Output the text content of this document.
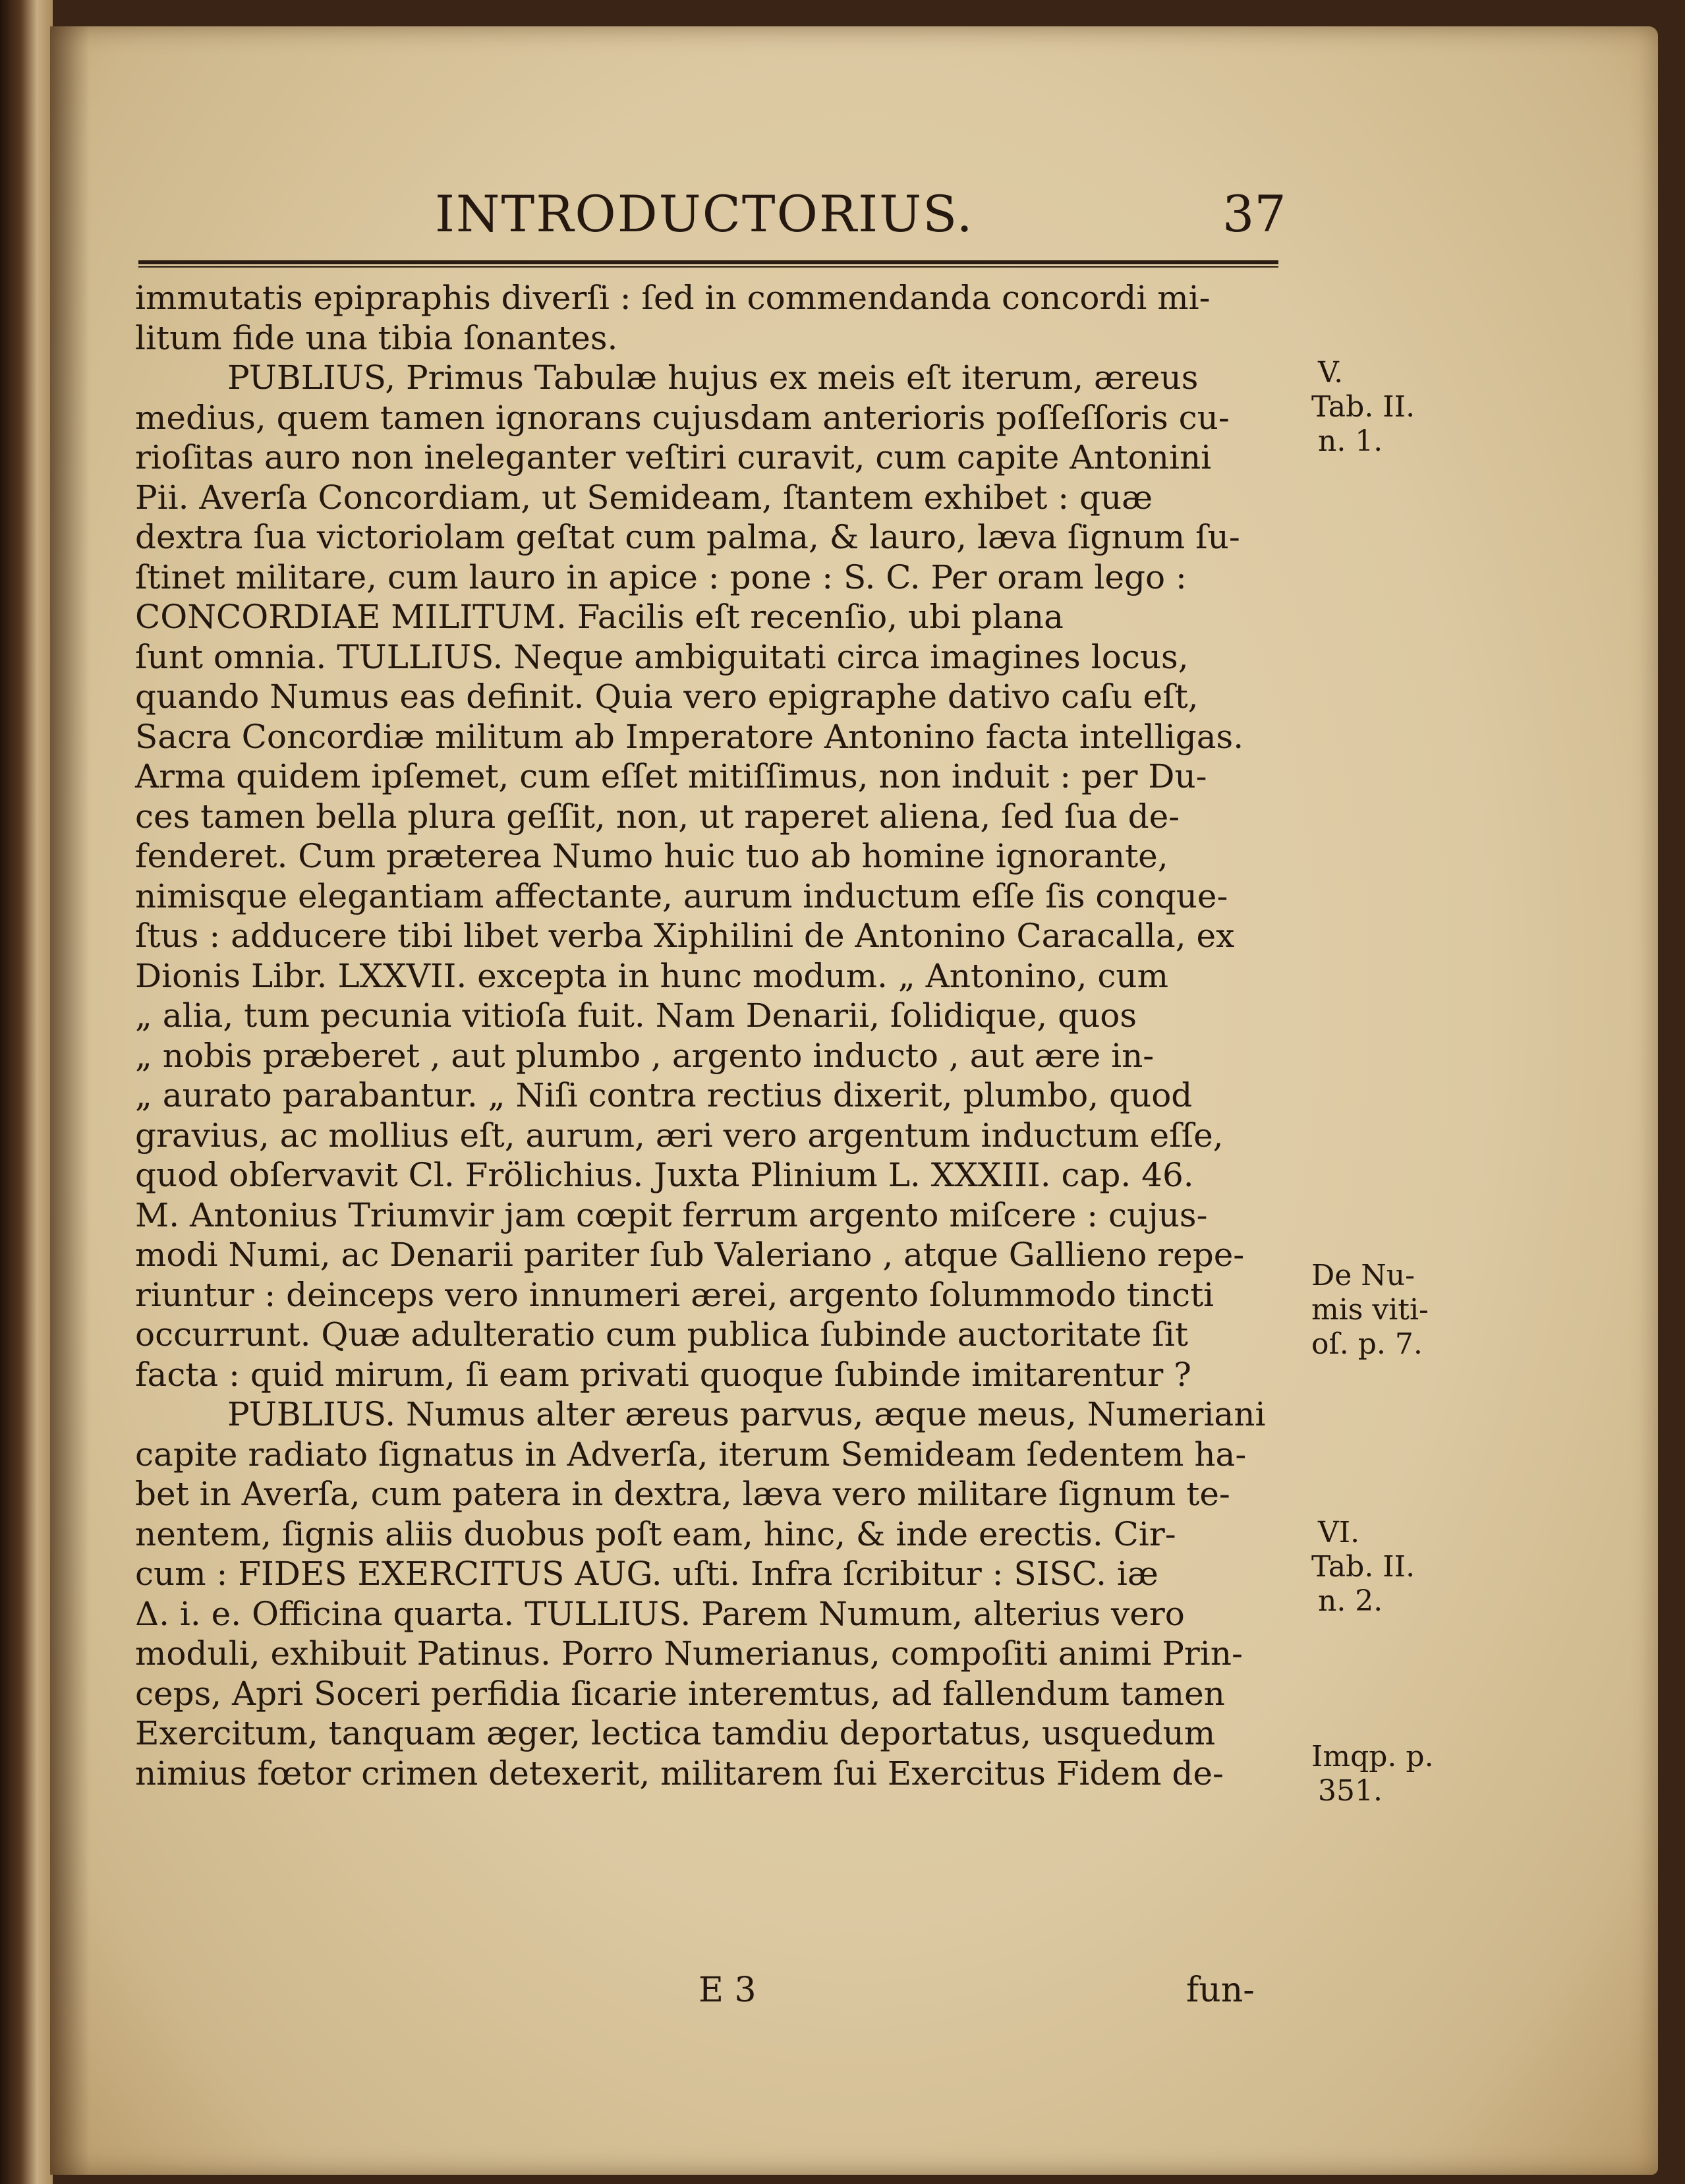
INTRODUCTORIUS.	37
immutatis epipraphis diverſi : ſed in commendanda concordi mi-
litum fide una tibia ſonantes.
PUBLIUS, Primus Tabulæ hujus ex meis eſt iterum, æreus
medius, quem tamen ignorans cujusdam anterioris poſſeſſoris cu-
rioſitas auro non ineleganter veſtiri curavit, cum capite Antonini
Pii. Averſa Concordiam, ut Semideam, ſtantem exhibet : quæ
dextra ſua victoriolam geſtat cum palma, & lauro, læva ſignum ſu-
ſtinet militare, cum lauro in apice : pone : S. C. Per oram lego :
CONCORDIAE MILITUM. Facilis eſt recenſio, ubi plana
ſunt omnia. TULLIUS. Neque ambiguitati circa imagines locus,
quando Numus eas definit. Quia vero epigraphe dativo caſu eſt,
Sacra Concordiæ militum ab Imperatore Antonino facta intelligas.
Arma quidem ipſemet, cum eſſet mitiſſimus, non induit : per Du-
ces tamen bella plura geſſit, non, ut raperet aliena, ſed ſua de-
fenderet. Cum præterea Numo huic tuo ab homine ignorante,
nimisque elegantiam affectante, aurum inductum eſſe ſis conque-
ſtus : adducere tibi libet verba Xiphilini de Antonino Caracalla, ex
Dionis Libr. LXXVII. excepta in hunc modum. „ Antonino, cum
„ alia, tum pecunia vitioſa fuit. Nam Denarii, ſolidique, quos
„ nobis præberet , aut plumbo , argento inducto , aut ære in-
„ aurato parabantur. „ Niſi contra rectius dixerit, plumbo, quod
gravius, ac mollius eſt, aurum, æri vero argentum inductum eſſe,
quod obſervavit Cl. Frölichius. Juxta Plinium L. XXXIII. cap. 46.
M. Antonius Triumvir jam cœpit ferrum argento miſcere : cujus-
modi Numi, ac Denarii pariter ſub Valeriano , atque Gallieno repe-
riuntur : deinceps vero innumeri ærei, argento ſolummodo tincti
occurrunt. Quæ adulteratio cum publica ſubinde auctoritate ſit
facta : quid mirum, ſi eam privati quoque ſubinde imitarentur ?
PUBLIUS. Numus alter æreus parvus, æque meus, Numeriani
capite radiato ſignatus in Adverſa, iterum Semideam ſedentem ha-
bet in Averſa, cum patera in dextra, læva vero militare ſignum te-
nentem, ſignis aliis duobus poſt eam, hinc, & inde erectis. Cir-
cum : FIDES EXERCITUS AUG. uſti. Infra ſcribitur : SISC. iæ
Δ. i. e. Officina quarta. TULLIUS. Parem Numum, alterius vero
moduli, exhibuit Patinus. Porro Numerianus, compoſiti animi Prin-
ceps, Apri Soceri perfidia ſicarie interemtus, ad fallendum tamen
Exercitum, tanquam æger, lectica tamdiu deportatus, usquedum
nimius fœtor crimen detexerit, militarem ſui Exercitus Fidem de-
V.
Tab. II.
n. 1.
De Nu-
mis viti-
oſ. p. 7.
VI.
Tab. II.
n. 2.
Imqp. p.
351.
E 3	fun-
